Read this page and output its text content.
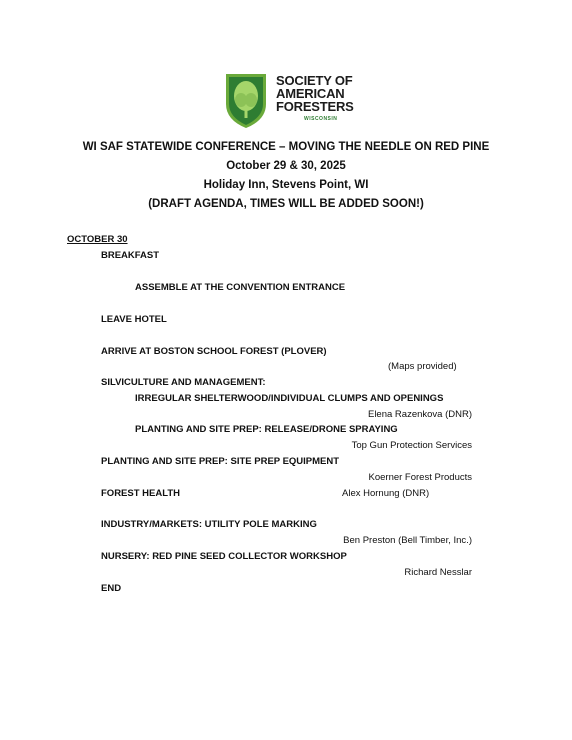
SOCIETY OF
AMERICAN
FORESTERS
WISCONSIN
WI SAF STATEWIDE CONFERENCE – MOVING THE NEEDLE ON RED PINE
October 29 & 30, 2025
Holiday Inn, Stevens Point, WI
(DRAFT AGENDA, TIMES WILL BE ADDED SOON!)
OCTOBER 30
BREAKFAST
ASSEMBLE AT THE CONVENTION ENTRANCE
LEAVE HOTEL
ARRIVE AT BOSTON SCHOOL FOREST (PLOVER)
(Maps provided)
SILVICULTURE AND MANAGEMENT:
IRREGULAR SHELTERWOOD/INDIVIDUAL CLUMPS AND OPENINGS
Elena Razenkova (DNR)
PLANTING AND SITE PREP: RELEASE/DRONE SPRAYING
Top Gun Protection Services
PLANTING AND SITE PREP: SITE PREP EQUIPMENT
Koerner Forest Products
FOREST HEALTH	Alex Hornung (DNR)
INDUSTRY/MARKETS: UTILITY POLE MARKING
Ben Preston (Bell Timber, Inc.)
NURSERY: RED PINE SEED COLLECTOR WORKSHOP
Richard Nesslar
END
